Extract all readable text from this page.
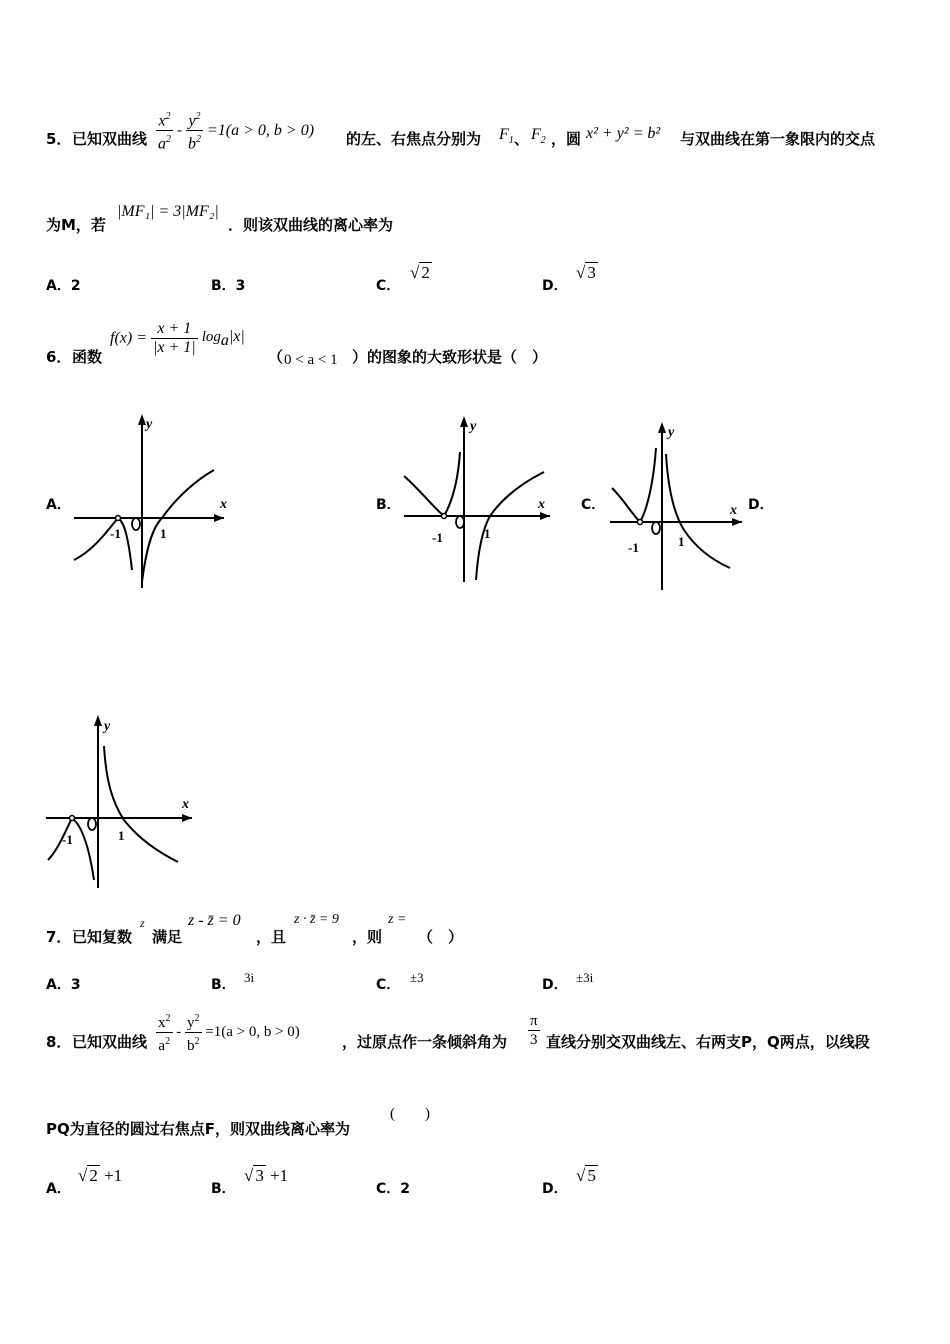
5． 已知双曲线 $\frac{x^2}{a^2} - \frac{y^2}{b^2} =1(a > 0$, b > 0) 的左、右焦点分别为 $F_1$ 、 $F_2$ ，圆 x² + y² = b² 与双曲线在第一象限内的交点
为M，若
|MF₁| = 3|MF₂|
．则该双曲线的离心率为
A．2	B．3	C．
√ 2
D．
√ 3
6． 函数
$f(x) = \frac{x + 1}{|x + 1|} \log_a|x|$
（ 0 < a < 1 ）的图象的大致形状是（　）
A．	B．	C．	D．
y
x
-1	1
y
x
-1	1
y
x
-1	1
y
x
-1	1
7． 已知复数
z
满足
z - z̄ = 0
，且
z · z̄ = 9
，则
z =
（　）
A．3	B． 3i	C． ±3	D． ±3i
8． 已知双曲线 $\frac{x^2}{a^2} - \frac{y^2}{b^2} =1(a > 0$, b > 0)
，过原点作一条倾斜角为 $\frac{\pi}{3}$ 直线分别交双曲线左、右两支P，Q两点，以线段
PQ为直径的圆过右焦点F，则双曲线离心率为
(　　)
A．
√ 2 +1
B．
√ 3 +1
C．2	D．
√ 5
